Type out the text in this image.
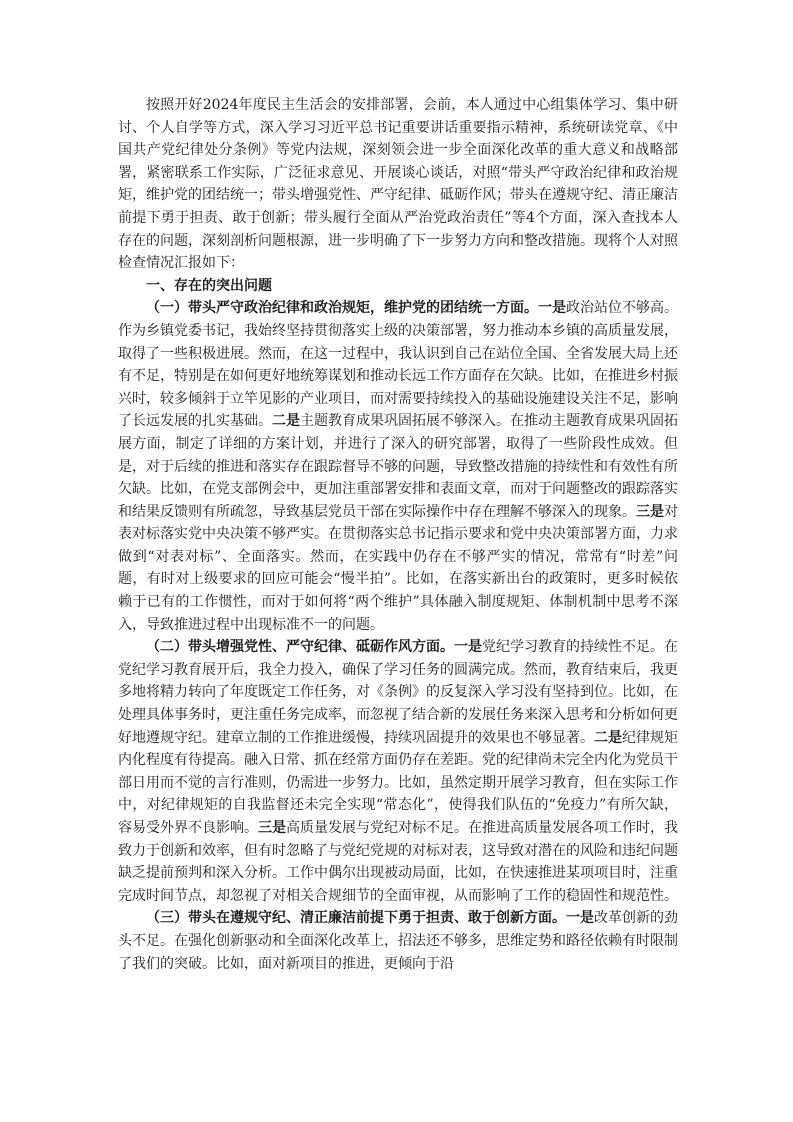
按照开好2024年度民主生活会的安排部署，会前，本人通过中心组集体学习、集中研讨、个人自学等方式，深入学习习近平总书记重要讲话重要指示精神，系统研读党章、《中国共产党纪律处分条例》等党内法规，深刻领会进一步全面深化改革的重大意义和战略部署，紧密联系工作实际，广泛征求意见、开展谈心谈话，对照“带头严守政治纪律和政治规矩，维护党的团结统一；带头增强党性、严守纪律、砥砺作风；带头在遵规守纪、清正廉洁前提下勇于担责、敢于创新；带头履行全面从严治党政治责任”等4个方面，深入查找本人存在的问题，深刻剖析问题根源，进一步明确了下一步努力方向和整改措施。现将个人对照检查情况汇报如下：

一、存在的突出问题

（一）带头严守政治纪律和政治规矩，维护党的团结统一方面。一是政治站位不够高。作为乡镇党委书记，我始终坚持贯彻落实上级的决策部署，努力推动本乡镇的高质量发展，取得了一些积极进展。然而，在这一过程中，我认识到自己在站位全国、全省发展大局上还有不足，特别是在如何更好地统筹谋划和推动长远工作方面存在欠缺。比如，在推进乡村振兴时，较多倾斜于立竿见影的产业项目，而对需要持续投入的基础设施建设关注不足，影响了长远发展的扎实基础。二是主题教育成果巩固拓展不够深入。在推动主题教育成果巩固拓展方面，制定了详细的方案计划，并进行了深入的研究部署，取得了一些阶段性成效。但是，对于后续的推进和落实存在跟踪督导不够的问题，导致整改措施的持续性和有效性有所欠缺。比如，在党支部例会中，更加注重部署安排和表面文章，而对于问题整改的跟踪落实和结果反馈则有所疏忽，导致基层党员干部在实际操作中存在理解不够深入的现象。三是对表对标落实党中央决策不够严实。在贯彻落实总书记指示要求和党中央决策部署方面，力求做到“对表对标”、全面落实。然而，在实践中仍存在不够严实的情况，常常有“时差”问题，有时对上级要求的回应可能会“慢半拍”。比如，在落实新出台的政策时，更多时候依赖于已有的工作惯性，而对于如何将“两个维护”具体融入制度规矩、体制机制中思考不深入，导致推进过程中出现标准不一的问题。

（二）带头增强党性、严守纪律、砥砺作风方面。一是党纪学习教育的持续性不足。在党纪学习教育展开后，我全力投入，确保了学习任务的圆满完成。然而，教育结束后，我更多地将精力转向了年度既定工作任务，对《条例》的反复深入学习没有坚持到位。比如，在处理具体事务时，更注重任务完成率，而忽视了结合新的发展任务来深入思考和分析如何更好地遵规守纪。建章立制的工作推进缓慢，持续巩固提升的效果也不够显著。二是纪律规矩内化程度有待提高。融入日常、抓在经常方面仍存在差距。党的纪律尚未完全内化为党员干部日用而不觉的言行准则，仍需进一步努力。比如，虽然定期开展学习教育，但在实际工作中，对纪律规矩的自我监督还未完全实现“常态化”，使得我们队伍的“免疫力”有所欠缺，容易受外界不良影响。三是高质量发展与党纪对标不足。在推进高质量发展各项工作时，我致力于创新和效率，但有时忽略了与党纪党规的对标对表，这导致对潜在的风险和违纪问题缺乏提前预判和深入分析。工作中偶尔出现被动局面，比如，在快速推进某项项目时，注重完成时间节点，却忽视了对相关合规细节的全面审视，从而影响了工作的稳固性和规范性。

（三）带头在遵规守纪、清正廉洁前提下勇于担责、敢于创新方面。一是改革创新的劲头不足。在强化创新驱动和全面深化改革上，招法还不够多，思维定势和路径依赖有时限制了我们的突破。比如，面对新项目的推进，更倾向于沿
